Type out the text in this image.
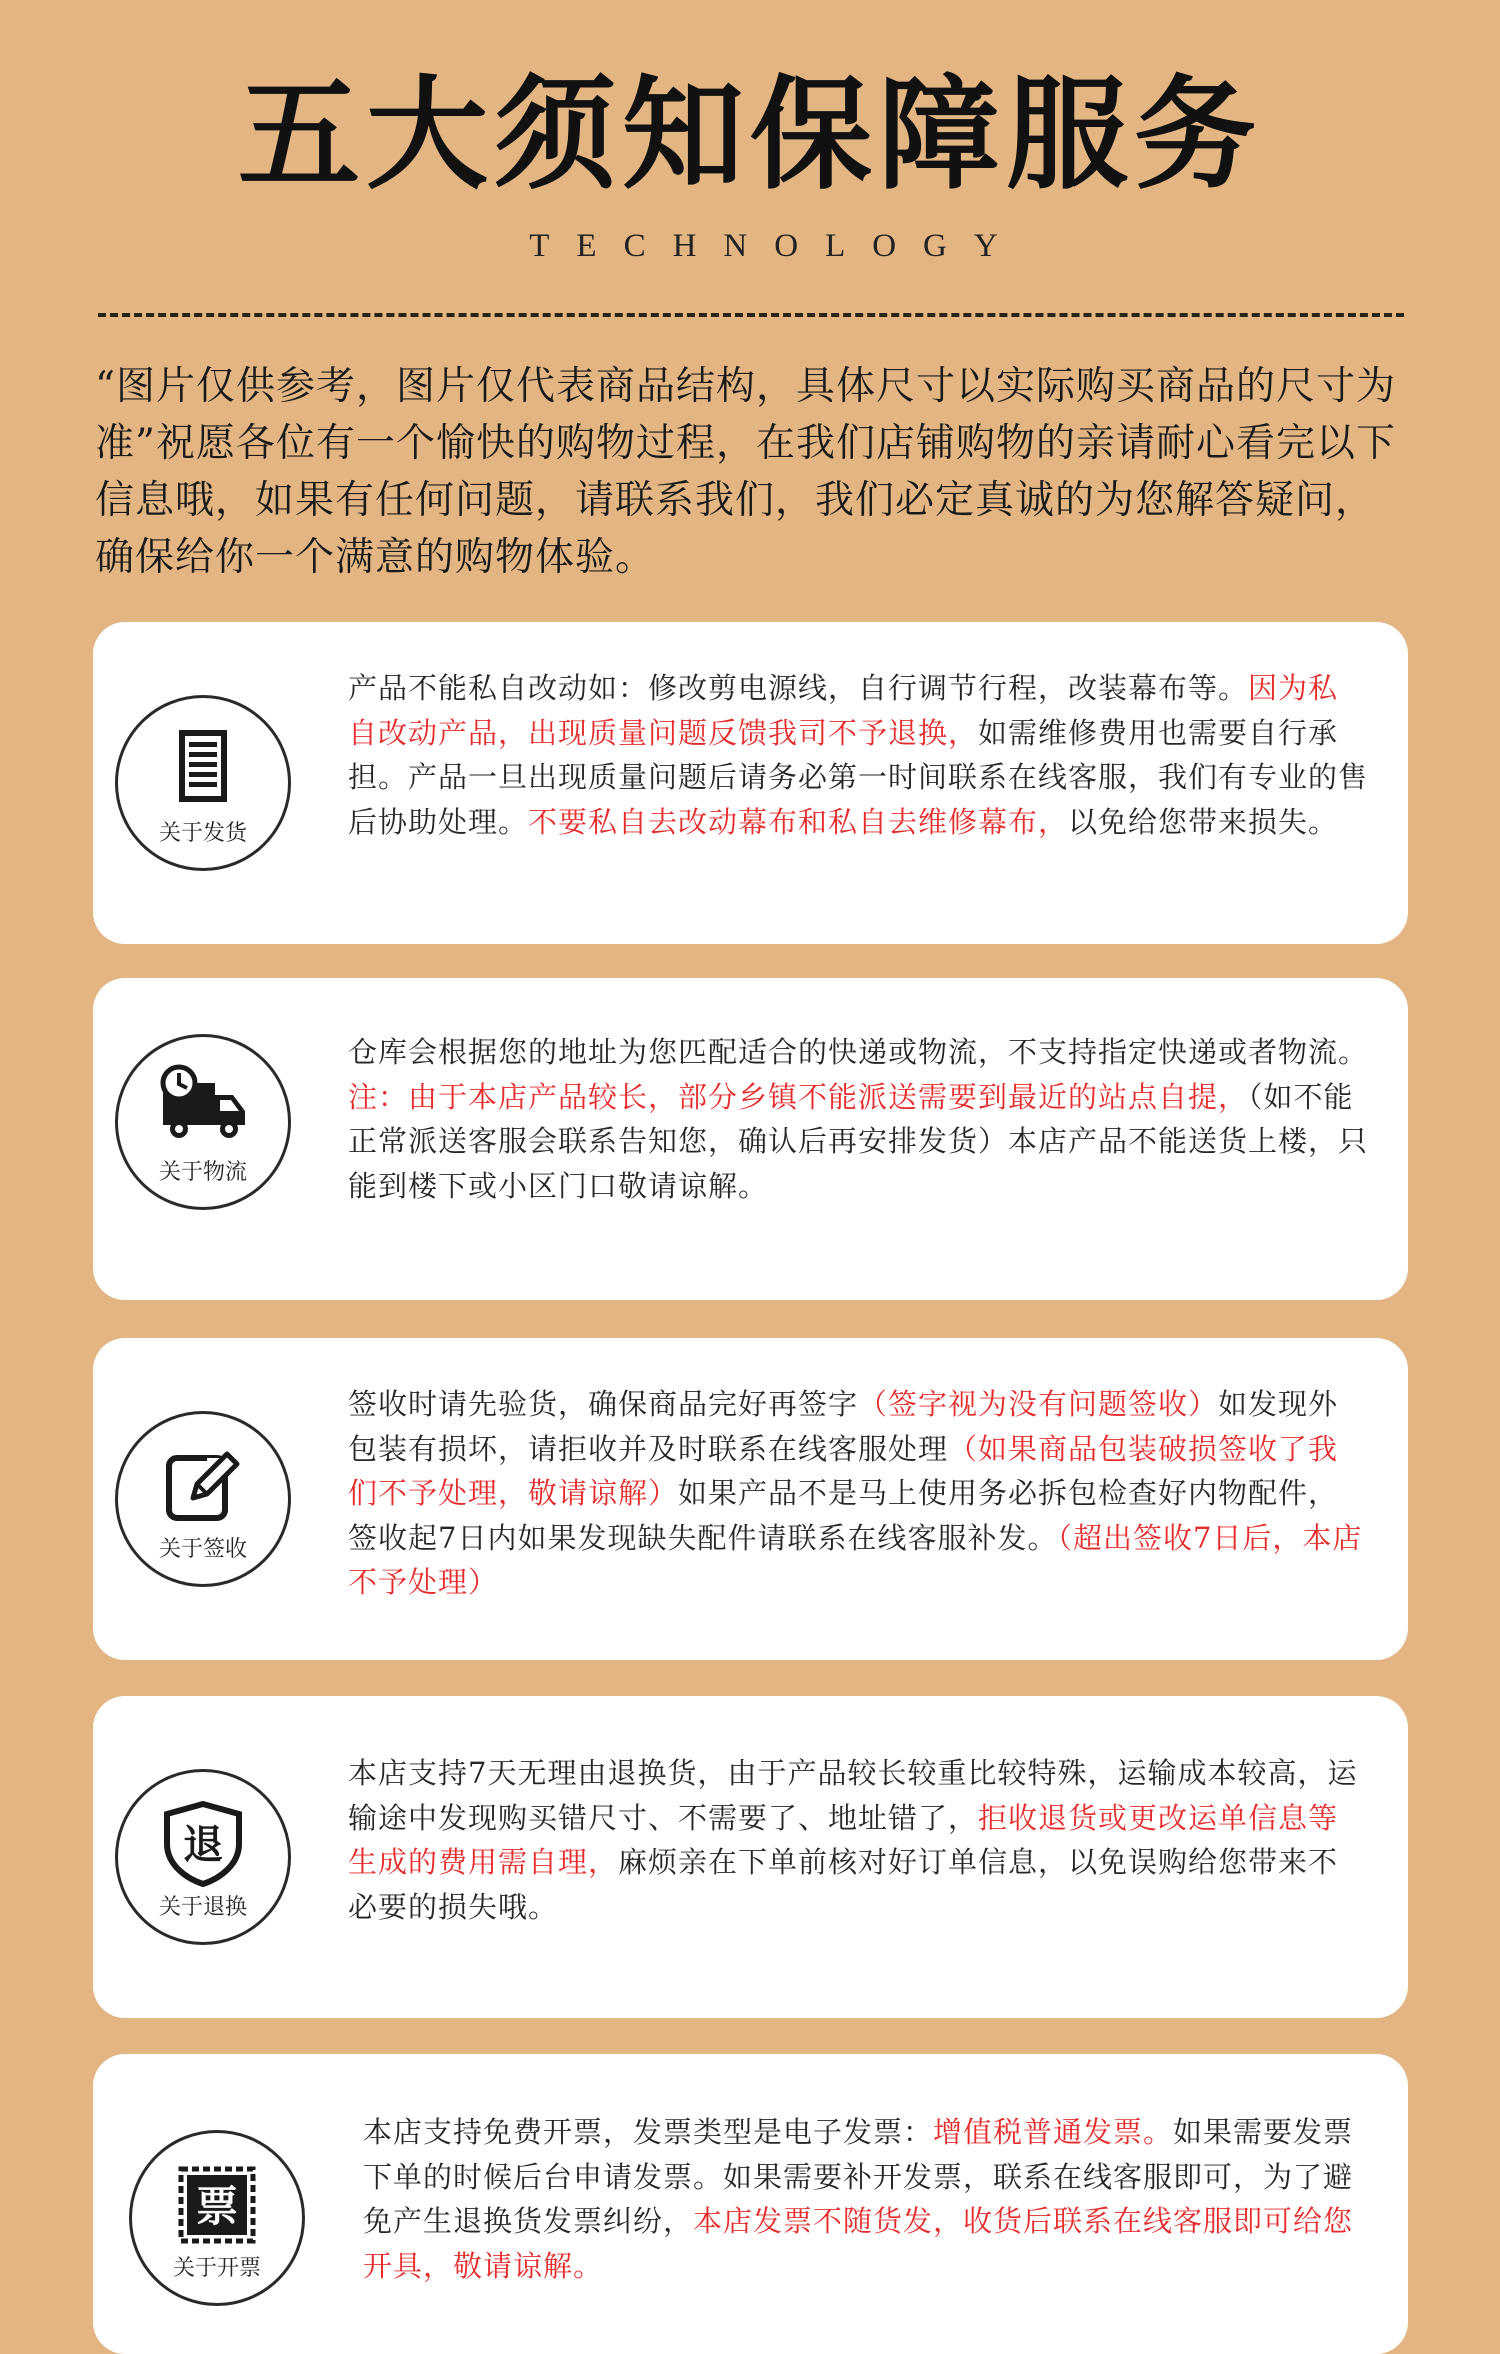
五大须知保障服务
TECHNOLOGY
“图片仅供参考，图片仅代表商品结构，具体尺寸以实际购买商品的尺寸为准”祝愿各位有一个愉快的购物过程，在我们店铺购物的亲请耐心看完以下信息哦，如果有任何问题，请联系我们，我们必定真诚的为您解答疑问，确保给你一个满意的购物体验。
关于发货
产品不能私自改动如：修改剪电源线，自行调节行程，改装幕布等。因为私自改动产品，出现质量问题反馈我司不予退换，如需维修费用也需要自行承担。产品一旦出现质量问题后请务必第一时间联系在线客服，我们有专业的售后协助处理。不要私自去改动幕布和私自去维修幕布，以免给您带来损失。
关于物流
仓库会根据您的地址为您匹配适合的快递或物流，不支持指定快递或者物流。注：由于本店产品较长，部分乡镇不能派送需要到最近的站点自提，（如不能正常派送客服会联系告知您，确认后再安排发货）本店产品不能送货上楼，只能到楼下或小区门口敬请谅解。
关于签收
签收时请先验货，确保商品完好再签字（签字视为没有问题签收）如发现外包装有损坏，请拒收并及时联系在线客服处理（如果商品包装破损签收了我们不予处理，敬请谅解）如果产品不是马上使用务必拆包检查好内物配件，签收起7日内如果发现缺失配件请联系在线客服补发。（超出签收7日后，本店不予处理）
退
关于退换
本店支持7天无理由退换货，由于产品较长较重比较特殊，运输成本较高，运输途中发现购买错尺寸、不需要了、地址错了，拒收退货或更改运单信息等生成的费用需自理，麻烦亲在下单前核对好订单信息，以免误购给您带来不必要的损失哦。
票
关于开票
本店支持免费开票，发票类型是电子发票：增值税普通发票。如果需要发票下单的时候后台申请发票。如果需要补开发票，联系在线客服即可，为了避免产生退换货发票纠纷，本店发票不随货发，收货后联系在线客服即可给您开具，敬请谅解。
